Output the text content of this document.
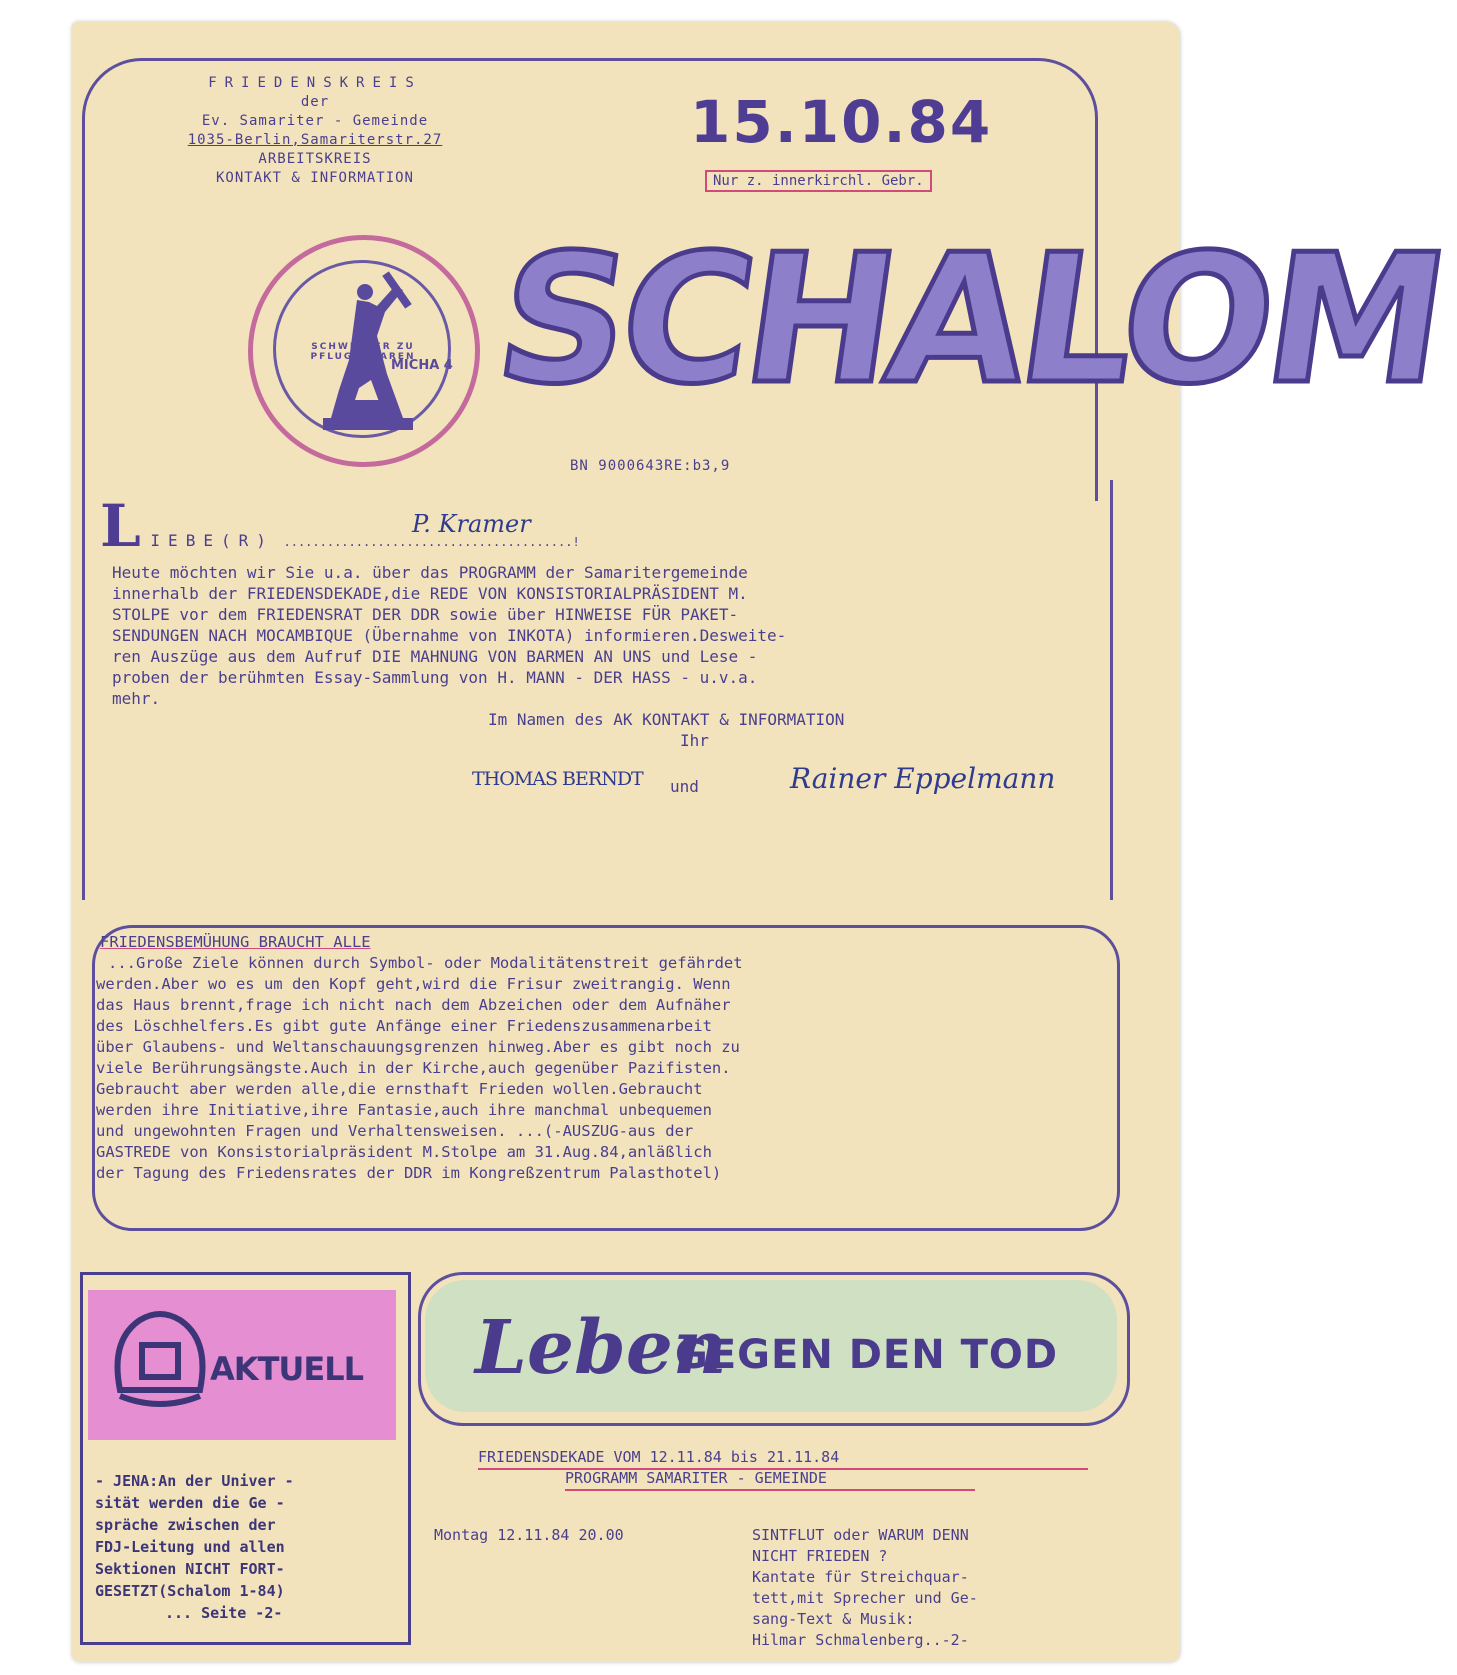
FRIEDENSKREIS
der
Ev. Samariter - Gemeinde
1035-Berlin,Samariterstr.27
ARBEITSKREIS
KONTAKT & INFORMATION
15.10.84
Nur z. innerkirchl. Gebr.
SCHWERTER ZU PFLUGSCHAREN
MICHA 4 SCHALOM
BN 9000643RE:b3,9
L IEBE(R) ........................................!
P. Kramer
Heute möchten wir Sie u.a. über das PROGRAMM der Samaritergemeinde
innerhalb der FRIEDENSDEKADE,die REDE VON KONSISTORIALPRÄSIDENT M.
STOLPE vor dem FRIEDENSRAT DER DDR sowie über HINWEISE FÜR PAKET-
SENDUNGEN NACH MOCAMBIQUE (Übernahme von INKOTA) informieren.Desweite-
ren Auszüge aus dem Aufruf DIE MAHNUNG VON BARMEN AN UNS und Lese -
proben der berühmten Essay-Sammlung von H. MANN - DER HASS - u.v.a.
mehr.
Im Namen des AK KONTAKT & INFORMATION
Ihr
THOMAS BERNDT und	Rainer Eppelmann
FRIEDENSBEMÜHUNG BRAUCHT ALLE
...Große Ziele können durch Symbol- oder Modalitätenstreit gefährdet
werden.Aber wo es um den Kopf geht,wird die Frisur zweitrangig. Wenn
das Haus brennt,frage ich nicht nach dem Abzeichen oder dem Aufnäher
des Löschhelfers.Es gibt gute Anfänge einer Friedenszusammenarbeit
über Glaubens- und Weltanschauungsgrenzen hinweg.Aber es gibt noch zu
viele Berührungsängste.Auch in der Kirche,auch gegenüber Pazifisten.
Gebraucht aber werden alle,die ernsthaft Frieden wollen.Gebraucht
werden ihre Initiative,ihre Fantasie,auch ihre manchmal unbequemen
und ungewohnten Fragen und Verhaltensweisen. ...(-AUSZUG-aus der
GASTREDE von Konsistorialpräsident M.Stolpe am 31.Aug.84,anläßlich
der Tagung des Friedensrates der DDR im Kongreßzentrum Palasthotel)
AKTUELL
- JENA:An der Univer -
sität werden die Ge -
spräche zwischen der
FDJ-Leitung und allen
Sektionen NICHT FORT-
GESETZT(Schalom 1-84)
... Seite -2-
Leben
GEGEN DEN TOD
FRIEDENSDEKADE VOM 12.11.84 bis 21.11.84
PROGRAMM SAMARITER - GEMEINDE
Montag 12.11.84 20.00	SINTFLUT oder WARUM DENN
NICHT FRIEDEN ?
Kantate für Streichquar-
tett,mit Sprecher und Ge-
sang-Text & Musik:
Hilmar Schmalenberg..-2-
